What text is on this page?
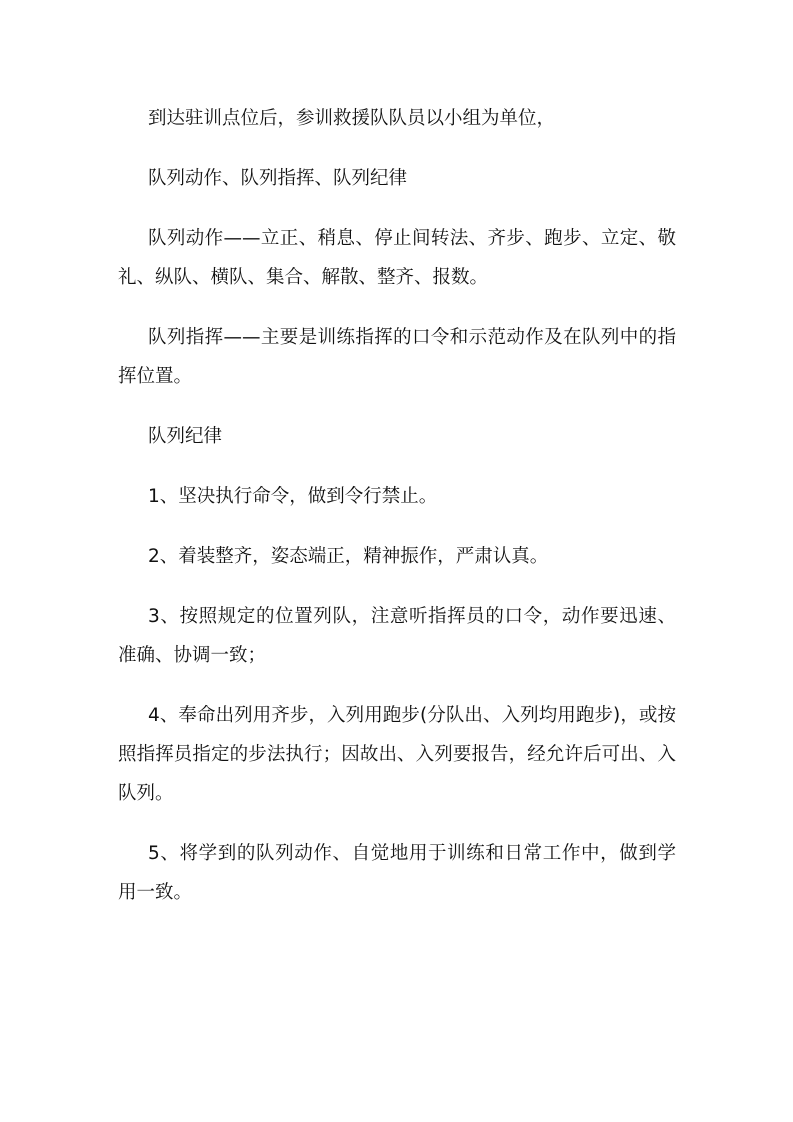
到达驻训点位后，参训救援队队员以小组为单位，

队列动作、队列指挥、队列纪律

队列动作——立正、稍息、停止间转法、齐步、跑步、立定、敬礼、纵队、横队、集合、解散、整齐、报数。

队列指挥——主要是训练指挥的口令和示范动作及在队列中的指挥位置。

队列纪律

1、坚决执行命令，做到令行禁止。

2、着装整齐，姿态端正，精神振作，严肃认真。

3、按照规定的位置列队，注意听指挥员的口令，动作要迅速、 准确、协调一致；

4、奉命出列用齐步，入列用跑步(分队出、入列均用跑步)，或按照指挥员指定的步法执行；因故出、入列要报告，经允许后可出、入队列。

5、将学到的队列动作、自觉地用于训练和日常工作中，做到学用一致。
